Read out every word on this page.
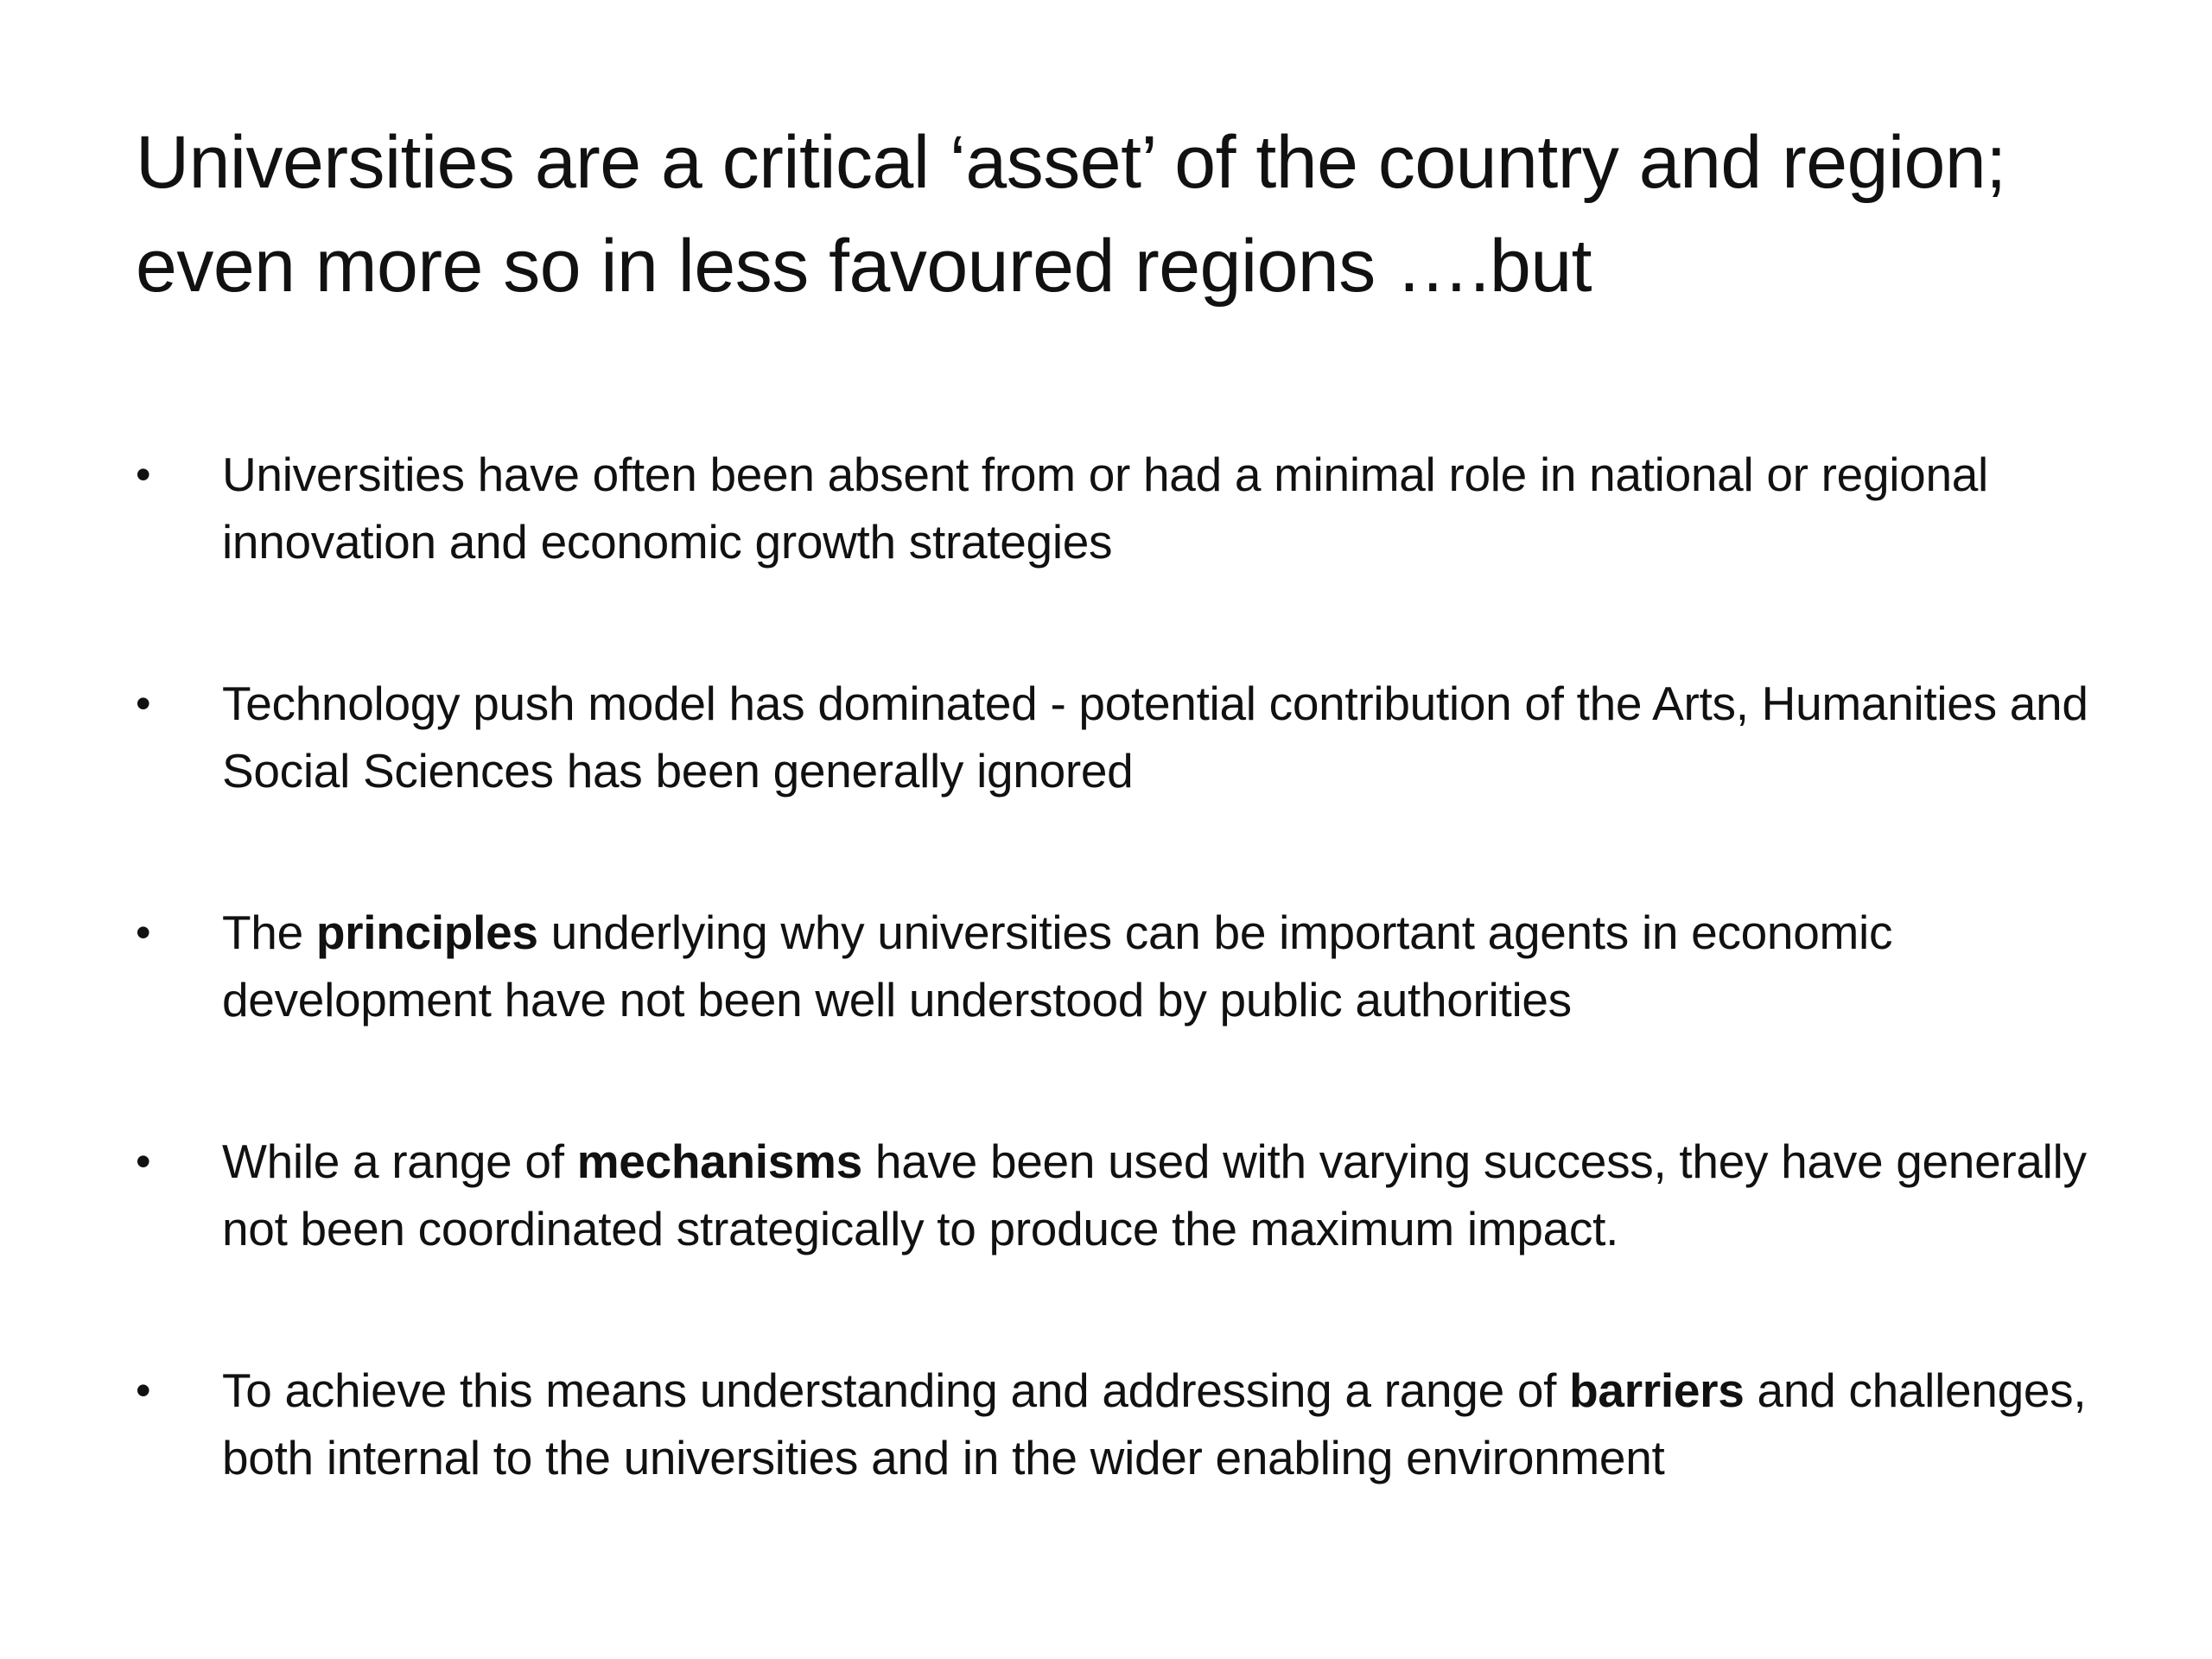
Universities are a critical ‘asset’ of the country and region; even more so in less favoured regions ….but
•	Universities have often been absent from or had a minimal role in national or regional innovation and economic growth strategies
•	Technology push model has dominated - potential contribution of the Arts, Humanities and Social Sciences has been generally ignored
•	The principles underlying why universities can be important agents in economic development have not been well understood by public authorities
•	While a range of mechanisms have been used with varying success, they have generally not been coordinated strategically to produce the maximum impact.
•	To achieve this means understanding and addressing a range of barriers and challenges, both internal to the universities and in the wider enabling environment
